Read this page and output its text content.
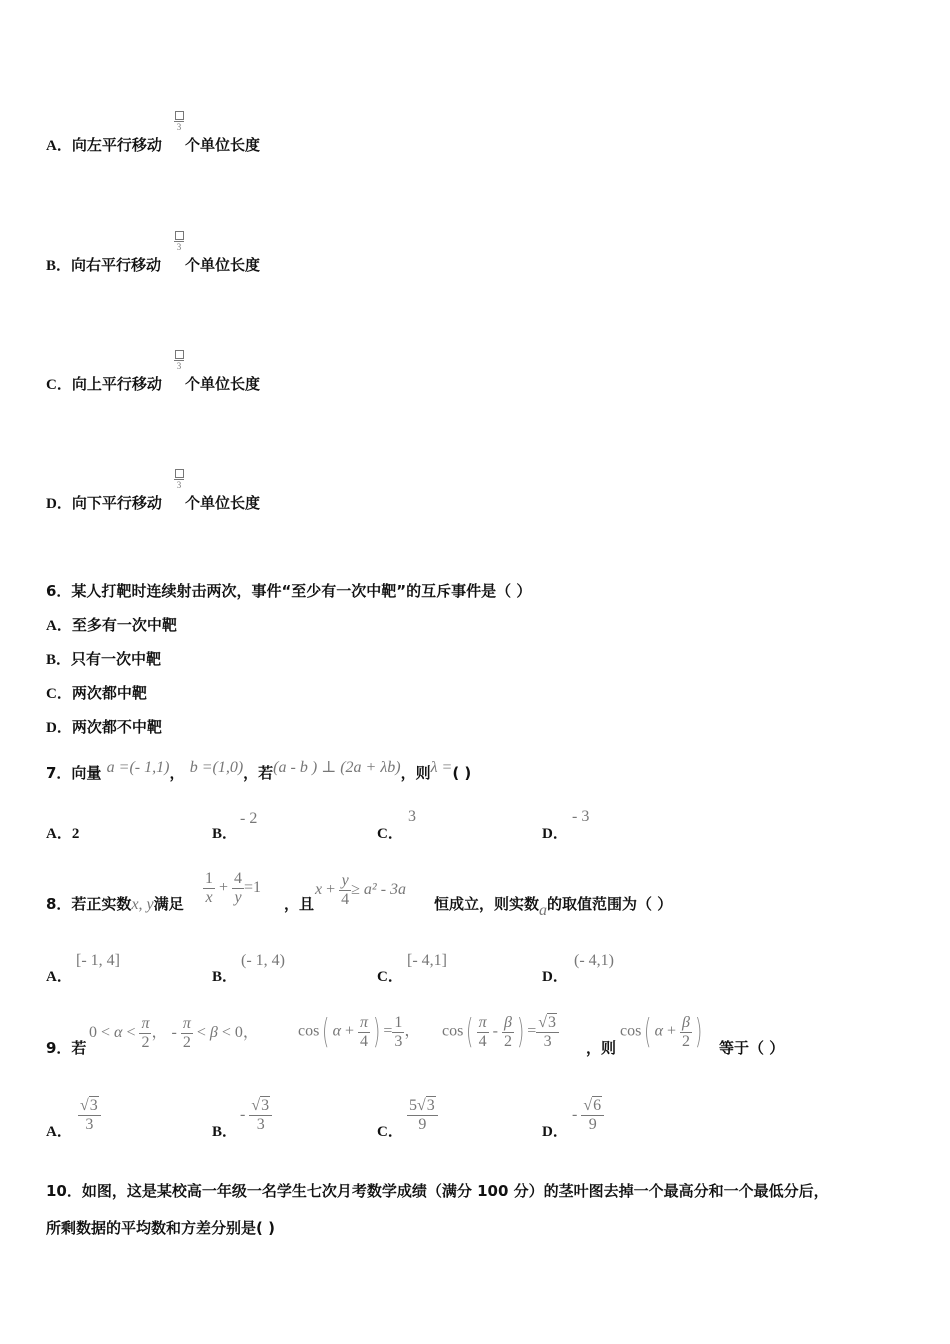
A．向左平行移动
3
个单位长度
B．向右平行移动
3
个单位长度
C．向上平行移动
3
个单位长度
D．向下平行移动
3
个单位长度
6．某人打靶时连续射击两次，事件“至少有一次中靶”的互斥事件是（ ）
A．至多有一次中靶
B．只有一次中靶
C．两次都中靶
D．两次都不中靶
7．向量 a =(- 1,1)， b =(1,0)，若(a - b ) ⊥ (2a + λb)，则λ =( )
A．2	B．
- 2
C．
3
D．
- 3
8．若正实数x, y满足 $\frac{1}{x} + \frac{4}{y} =1$
，且
$x + \frac{y}{4} \ge a^2 - 3a$
恒成立，则实数a的取值范围为（ ）
A．
[- 1, 4]
B．
(- 1, 4)
C．
[- 4,1]
D．
(- 4,1)
9．若
$0 < \alpha < \frac{\pi}{2}$ ， - $\frac{\pi}{2} < \beta < 0$， cos( $\alpha + \frac{\pi}{4}$ ) = $\frac{1}{3}$ ， $\cos( \frac{\pi}{4} - \frac{\beta}{2}$ ) = $\frac{√3}{3}$ ，则
cos( $\alpha + \frac{\beta}{2}$ ) 等于（ ）
A． $\frac{√3}{3}$	B．
- $\frac{√3}{3}$	C． $\frac{5√3}{9}$	D．
- $\frac{√6}{9}$
10．如图，这是某校高一年级一名学生七次月考数学成绩（满分 100 分）的茎叶图去掉一个最高分和一个最低分后，
所剩数据的平均数和方差分别是( )
